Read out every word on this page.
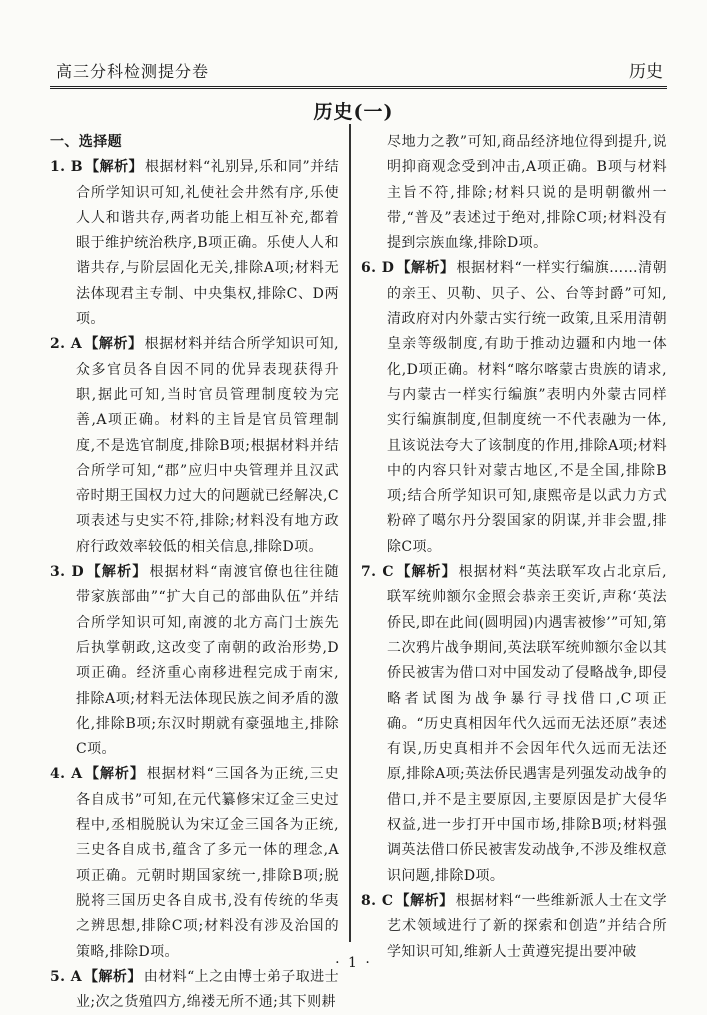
高三分科检测提分卷	历史
历史(一)

一、选择题

1. B 【解析】 根据材料“礼别异,乐和同”并结合所学知识可知,礼使社会井然有序,乐使人人和谐共存,两者功能上相互补充,都着眼于维护统治秩序,B项正确。乐使人人和谐共存,与阶层固化无关,排除A项;材料无法体现君主专制、中央集权,排除C、D两项。

2. A 【解析】 根据材料并结合所学知识可知,众多官员各自因不同的优异表现获得升职,据此可知,当时官员管理制度较为完善,A项正确。材料的主旨是官员管理制度,不是选官制度,排除B项;根据材料并结合所学可知,“郡”应归中央管理并且汉武帝时期王国权力过大的问题就已经解决,C项表述与史实不符,排除;材料没有地方政府行政效率较低的相关信息,排除D项。

3. D 【解析】 根据材料“南渡官僚也往往随带家族部曲”“扩大自己的部曲队伍”并结合所学知识可知,南渡的北方高门士族先后执掌朝政,这改变了南朝的政治形势,D项正确。经济重心南移进程完成于南宋,排除A项;材料无法体现民族之间矛盾的激化,排除B项;东汉时期就有豪强地主,排除C项。

4. A 【解析】 根据材料“三国各为正统,三史各自成书”可知,在元代纂修宋辽金三史过程中,丞相脱脱认为宋辽金三国各为正统,三史各自成书,蕴含了多元一体的理念,A项正确。元朝时期国家统一,排除B项;脱脱将三国历史各自成书,没有传统的华夷之辨思想,排除C项;材料没有涉及治国的策略,排除D项。

5. A 【解析】 由材料“上之由博士弟子取进士业;次之货殖四方,绵褛无所不通;其下则耕

尽地力之教”可知,商品经济地位得到提升,说明抑商观念受到冲击,A项正确。B项与材料主旨不符,排除;材料只说的是明朝徽州一带,“普及”表述过于绝对,排除C项;材料没有提到宗族血缘,排除D项。

6. D 【解析】 根据材料“一样实行编旗……清朝的亲王、贝勒、贝子、公、台等封爵”可知,清政府对内外蒙古实行统一政策,且采用清朝皇亲等级制度,有助于推动边疆和内地一体化,D项正确。材料“喀尔喀蒙古贵族的请求,与内蒙古一样实行编旗”表明内外蒙古同样实行编旗制度,但制度统一不代表融为一体,且该说法夸大了该制度的作用,排除A项;材料中的内容只针对蒙古地区,不是全国,排除B项;结合所学知识可知,康熙帝是以武力方式粉碎了噶尔丹分裂国家的阴谋,并非会盟,排除C项。

7. C 【解析】 根据材料“英法联军攻占北京后,联军统帅额尔金照会恭亲王奕䜣,声称‘英法侨民,即在此间(圆明园)内遇害被惨’”可知,第二次鸦片战争期间,英法联军统帅额尔金以其侨民被害为借口对中国发动了侵略战争,即侵略者试图为战争暴行寻找借口,C项正确。“历史真相因年代久远而无法还原”表述有误,历史真相并不会因年代久远而无法还原,排除A项;英法侨民遇害是列强发动战争的借口,并不是主要原因,主要原因是扩大侵华权益,进一步打开中国市场,排除B项;材料强调英法借口侨民被害发动战争,不涉及维权意识问题,排除D项。

8. C 【解析】 根据材料“一些维新派人士在文学艺术领域进行了新的探索和创造”并结合所学知识可知,维新人士黄遵宪提出要冲破

· 1 ·
